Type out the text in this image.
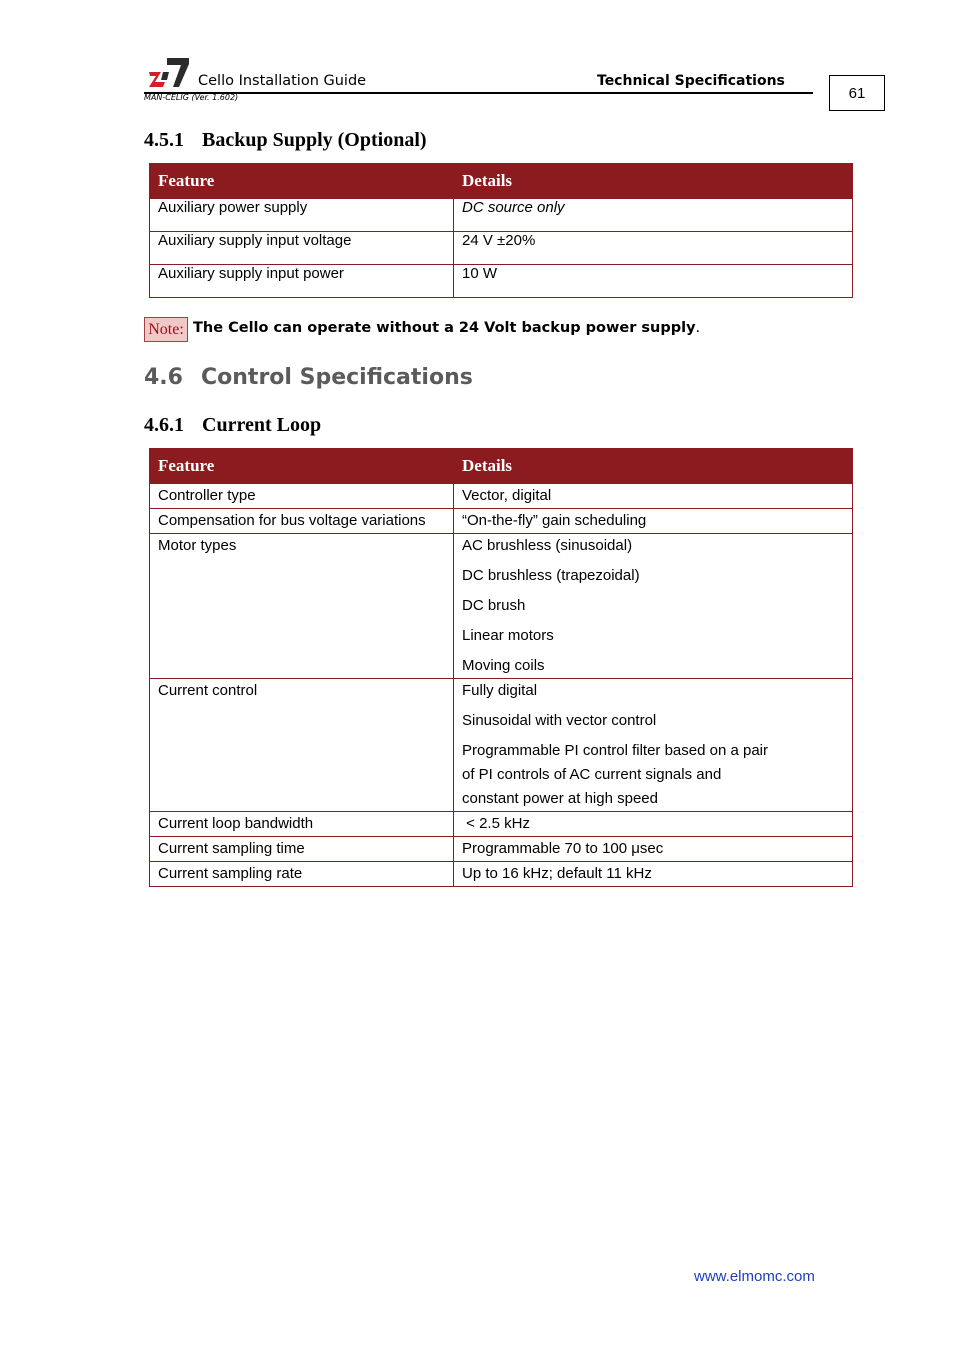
Cello Installation Guide	Technical Specifications
MAN-CELIG (Ver. 1.602)	61
4.5.1 Backup Supply (Optional)
Feature	Details
Auxiliary power supply	DC source only
Auxiliary supply input voltage	24 V ±20%
Auxiliary supply input power	10 W
Note: The Cello can operate without a 24 Volt backup power supply.
4.6 Control Specifications
4.6.1 Current Loop
Feature	Details

Controller type	Vector, digital

Compensation for bus voltage variations	“On-the-fly” gain scheduling

Motor types	AC brushless (sinusoidal)
DC brushless (trapezoidal)
DC brush
Linear motors
Moving coils

Current control	Fully digital
Sinusoidal with vector control
Programmable PI control filter based on a pair of PI controls of AC current signals and constant power at high speed

Current loop bandwidth	< 2.5 kHz

Current sampling time	Programmable 70 to 100 μsec

Current sampling rate	Up to 16 kHz; default 11 kHz
www.elmomc.com
